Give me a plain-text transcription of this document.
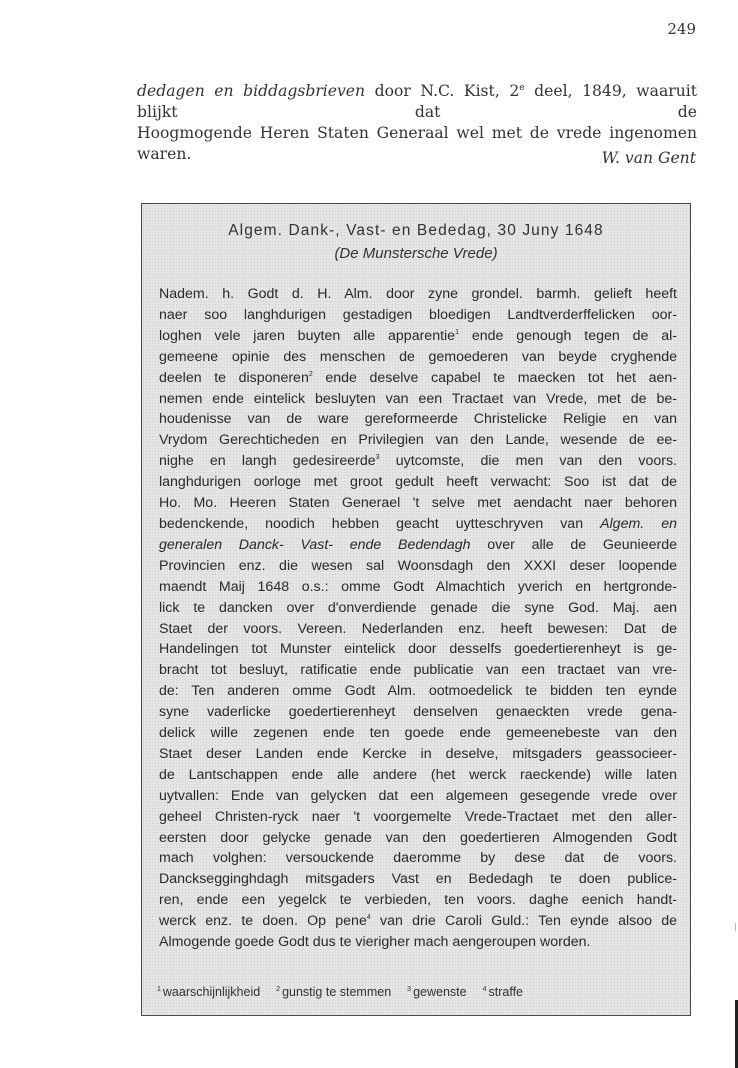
249

dedagen en biddagsbrieven door N.C. Kist, 2e deel, 1849, waaruit blijkt dat de
Hoogmogende Heren Staten Generaal wel met de vrede ingenomen waren.	W. van Gent
Algem. Dank-, Vast- en Bededag, 30 Juny 1648
(De Munstersche Vrede)
Nadem. h. Godt d. H. Alm. door zyne grondel. barmh. gelieft heeft
naer soo langhdurigen gestadigen bloedigen Landtverderffelicken oor-
loghen vele jaren buyten alle apparentie$^1$ ende genough tegen de al-
gemeene opinie des menschen de gemoederen van beyde cryghende
deelen te disponeren$^2$ ende deselve capabel te maecken tot het aen-
nemen ende eintelick besluyten van een Tractaet van Vrede, met de be-
houdenisse van de ware gereformeerde Christelicke Religie en van
Vrydom Gerechticheden en Privilegien van den Lande, wesende de ee-
nighe en langh gedesireerde$^3$ uytcomste, die men van den voors.
langhdurigen oorloge met groot gedult heeft verwacht: Soo ist dat de
Ho. Mo. Heeren Staten Generael 't selve met aendacht naer behoren
bedenckende, noodich hebben geacht uytteschryven van Algem. en
generalen Danck- Vast- ende Bedendagh over alle de Geunieerde
Provincien enz. die wesen sal Woonsdagh den XXXI deser loopende
maendt Maij 1648 o.s.: omme Godt Almachtich yverich en hertgronde-
lick te dancken over d'onverdiende genade die syne God. Maj. aen
Staet der voors. Vereen. Nederlanden enz. heeft bewesen: Dat de
Handelingen tot Munster eintelick door desselfs goedertierenheyt is ge-
bracht tot besluyt, ratificatie ende publicatie van een tractaet van vre-
de: Ten anderen omme Godt Alm. ootmoedelick te bidden ten eynde
syne vaderlicke goedertierenheyt denselven genaeckten vrede gena-
delick wille zegenen ende ten goede ende gemeenebeste van den
Staet deser Landen ende Kercke in deselve, mitsgaders geassocieer-
de Lantschappen ende alle andere (het werck raeckende) wille laten
uytvallen: Ende van gelycken dat een algemeen gesegende vrede over
geheel Christen-ryck naer 't voorgemelte Vrede-Tractaet met den aller-
eersten door gelycke genade van den goedertieren Almogenden Godt
mach volghen: versouckende daeromme by dese dat de voors.
Dancksegginghdagh mitsgaders Vast en Bededagh te doen publice-
ren, ende een yegelck te verbieden, ten voors. daghe eenich handt-
werck enz. te doen. Op pene$^4$ van drie Caroli Guld.: Ten eynde alsoo de
Almogende goede Godt dus te vierigher mach aengeroupen worden.
$^1$ waarschijnlijkheid $^2$ gunstig te stemmen $^3$ gewenste $^4$ straffe
